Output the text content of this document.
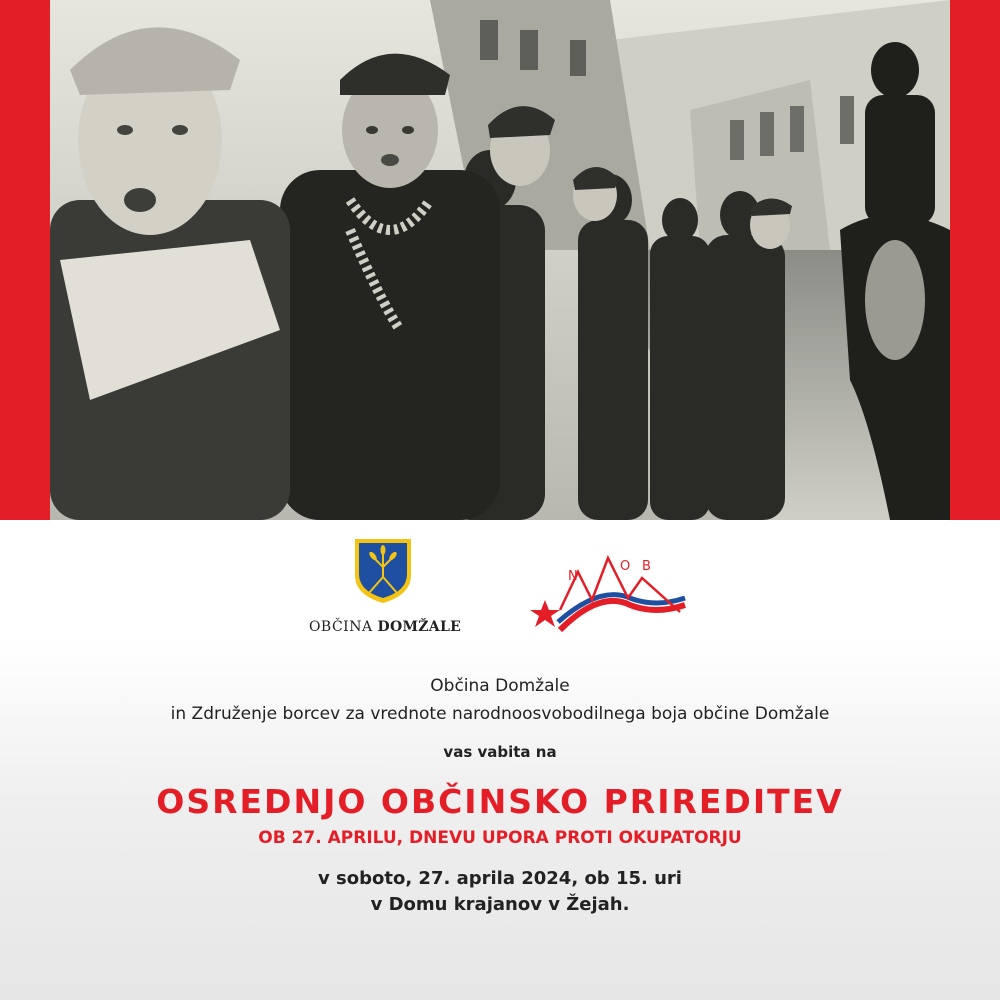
OBČINA DOMŽALE
N
O B
Občina Domžale
in Združenje borcev za vrednote narodnoosvobodilnega boja občine Domžale
vas vabita na
OSREDNJO OBČINSKO PRIREDITEV
OB 27. APRILU, DNEVU UPORA PROTI OKUPATORJU
v soboto, 27. aprila 2024, ob 15. uri
v Domu krajanov v Žejah.
